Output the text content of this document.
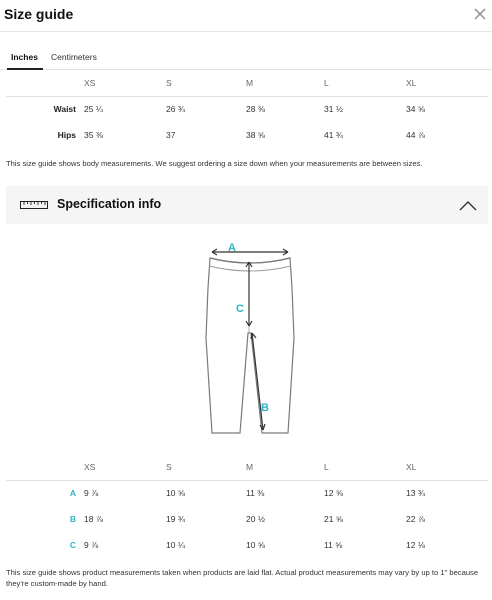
Size guide
Inches Centimeters
	XS	S	M	L	XL
Waist	25 ¼	26 ¾	28 ⅜	31 ½	34 ⅝
Hips	35 ⅜	37	38 ⅝	41 ¾	44 ⅞
This size guide shows body measurements. We suggest ordering a size down when your measurements are between sizes.
Specification info
A
C
B
	XS	S	M	L	XL
A	9 ⅞	10 ⅝	11 ⅜	12 ⅝	13 ¾
B	18 ⅞	19 ¾	20 ½	21 ⅝	22 ⅞
C	9 ⅞	10 ¼	10 ⅝	11 ⅝	12 ⅛
This size guide shows product measurements taken when products are laid flat. Actual product measurements may vary by up to 1" because they're custom-made by hand.
